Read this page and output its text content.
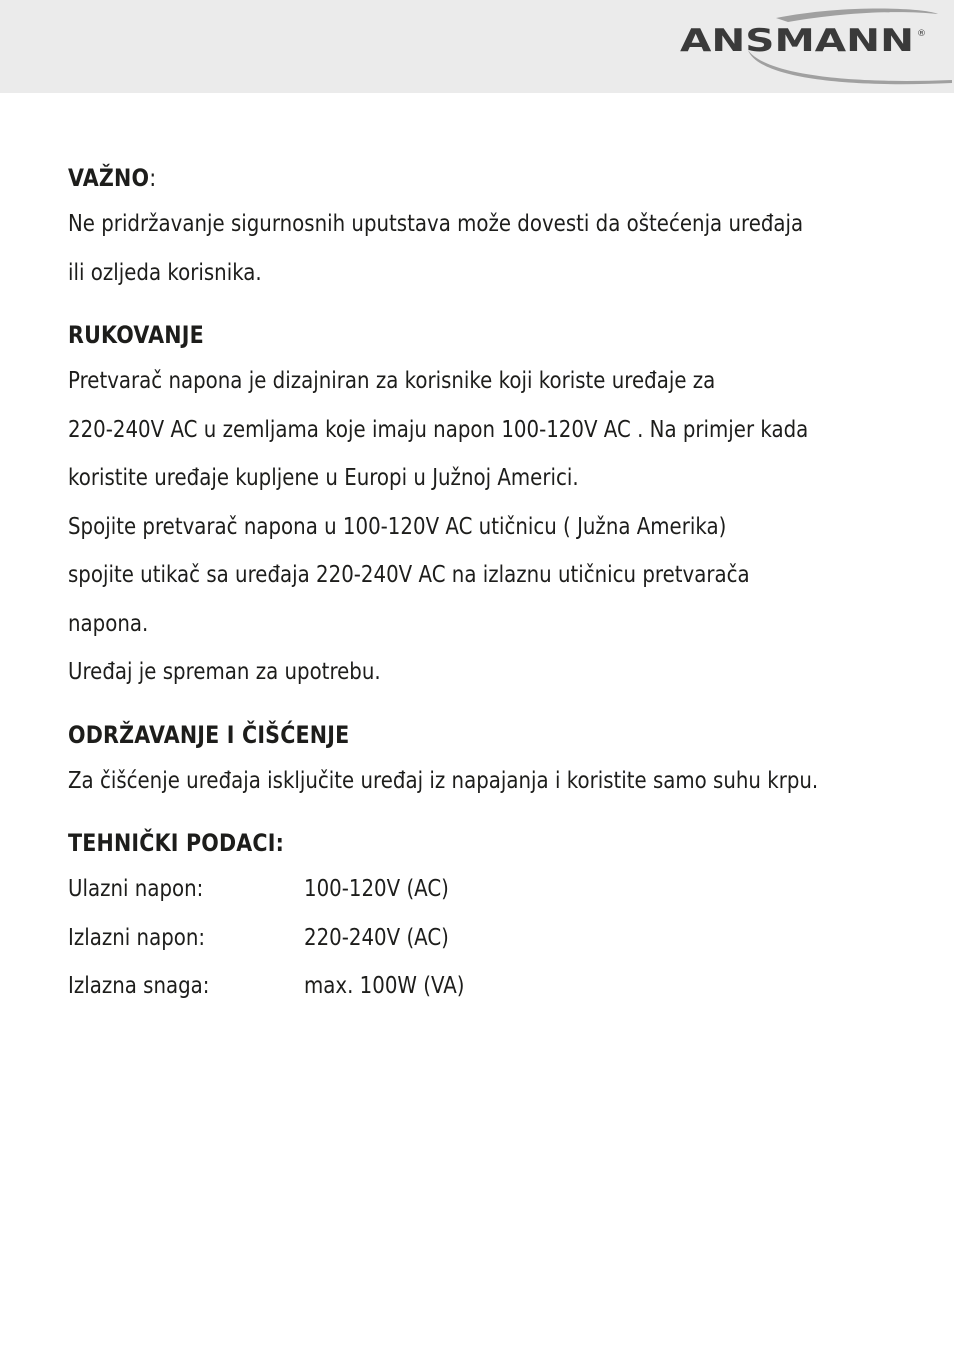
ANSMANN ®

VAŽNO:

Ne pridržavanje sigurnosnih uputstava može dovesti da oštećenja uređaja

ili ozljeda korisnika.

RUKOVANJE

Pretvarač napona je dizajniran za korisnike koji koriste uređaje za

220-240V AC u zemljama koje imaju napon 100-120V AC . Na primjer kada

koristite uređaje kupljene u Europi u Južnoj Americi.

Spojite pretvarač napona u 100-120V AC utičnicu ( Južna Amerika)

spojite utikač sa uređaja 220-240V AC na izlaznu utičnicu pretvarača

napona.

Uređaj je spreman za upotrebu.

ODRŽAVANJE I ČIŠĆENJE

Za čišćenje uređaja isključite uređaj iz napajanja i koristite samo suhu krpu.

TEHNIČKI PODACI:

Ulazni napon:	100-120V (AC)
Izlazni napon:	220-240V (AC)
Izlazna snaga:	max. 100W (VA)
